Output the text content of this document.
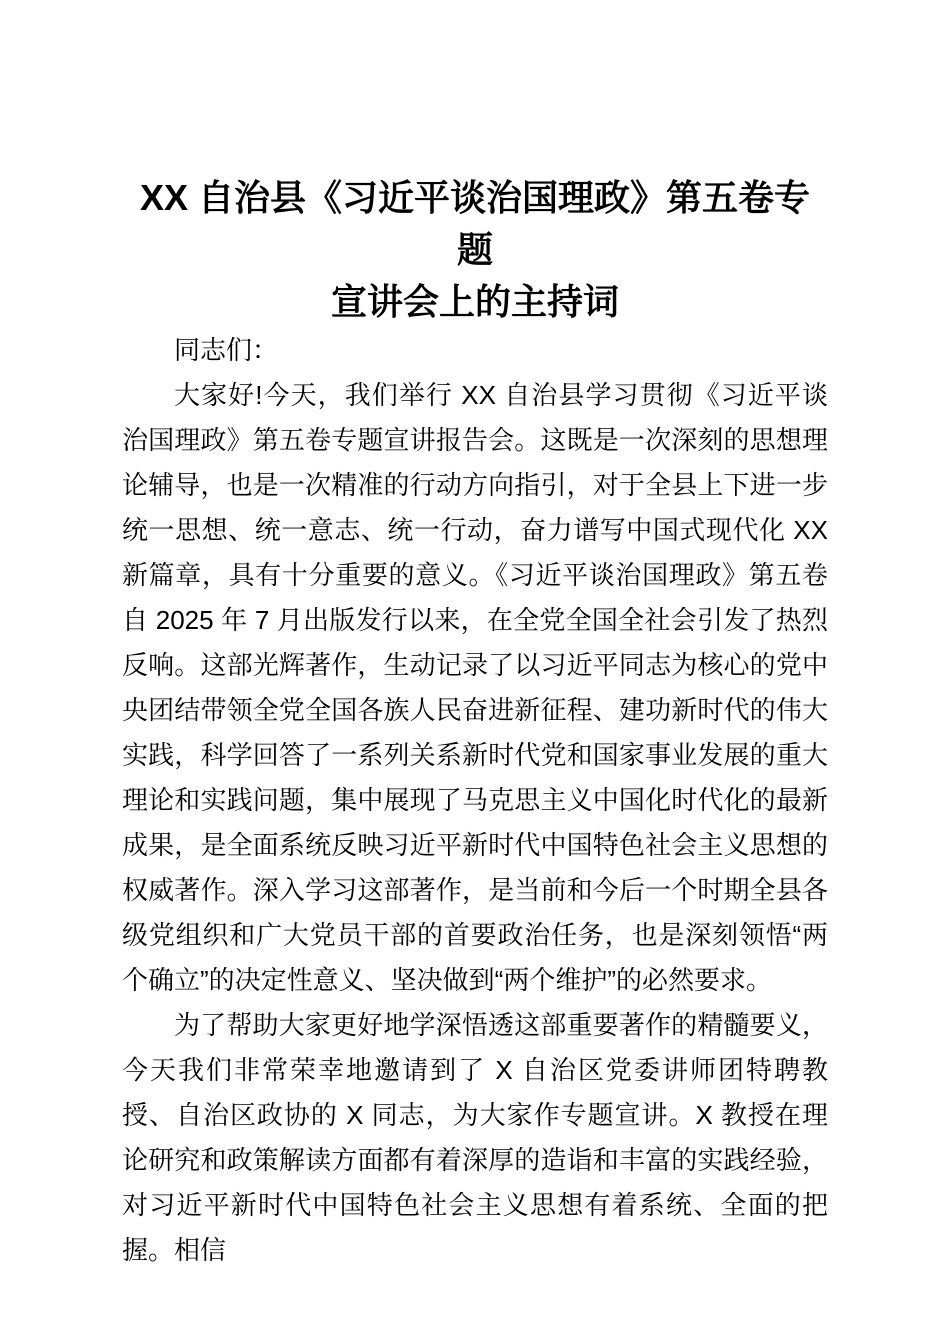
XX 自治县《习近平谈治国理政》第五卷专题
宣讲会上的主持词

同志们：

大家好!今天，我们举行 XX 自治县学习贯彻《习近平谈治国理政》第五卷专题宣讲报告会。这既是一次深刻的思想理论辅导，也是一次精准的行动方向指引，对于全县上下进一步统一思想、统一意志、统一行动，奋力谱写中国式现代化 XX 新篇章，具有十分重要的意义。《习近平谈治国理政》第五卷自 2025 年 7 月出版发行以来，在全党全国全社会引发了热烈反响。这部光辉著作，生动记录了以习近平同志为核心的党中央团结带领全党全国各族人民奋进新征程、建功新时代的伟大实践，科学回答了一系列关系新时代党和国家事业发展的重大理论和实践问题，集中展现了马克思主义中国化时代化的最新成果，是全面系统反映习近平新时代中国特色社会主义思想的权威著作。深入学习这部著作，是当前和今后一个时期全县各级党组织和广大党员干部的首要政治任务，也是深刻领悟“两个确立”的决定性意义、坚决做到“两个维护”的必然要求。

为了帮助大家更好地学深悟透这部重要著作的精髓要义，今天我们非常荣幸地邀请到了 X 自治区党委讲师团特聘教授、自治区政协的 X 同志，为大家作专题宣讲。X 教授在理论研究和政策解读方面都有着深厚的造诣和丰富的实践经验，对习近平新时代中国特色社会主义思想有着系统、全面的把握。相信
